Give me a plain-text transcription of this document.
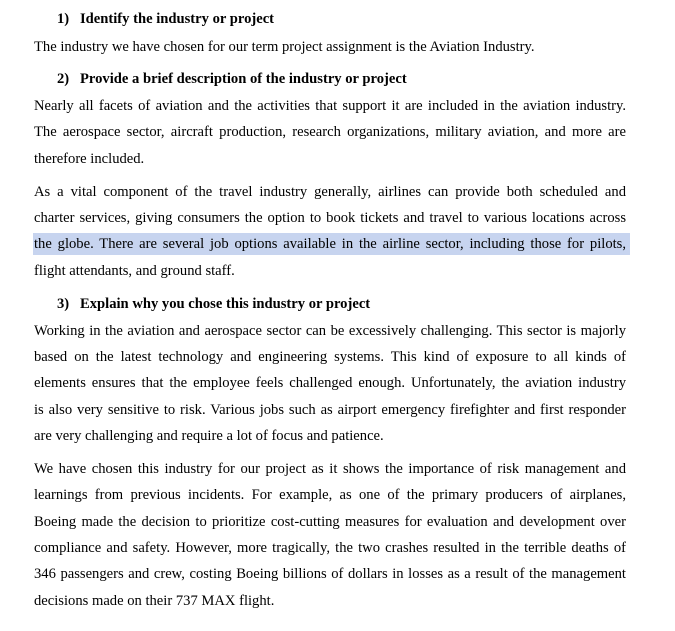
1) Identify the industry or project
The industry we have chosen for our term project assignment is the Aviation Industry.
2) Provide a brief description of the industry or project
Nearly all facets of aviation and the activities that support it are included in the aviation industry.
The aerospace sector, aircraft production, research organizations, military aviation, and more are
therefore included.
As a vital component of the travel industry generally, airlines can provide both scheduled and
charter services, giving consumers the option to book tickets and travel to various locations across
the globe. There are several job options available in the airline sector, including those for pilots,
flight attendants, and ground staff.
3) Explain why you chose this industry or project
Working in the aviation and aerospace sector can be excessively challenging. This sector is majorly
based on the latest technology and engineering systems. This kind of exposure to all kinds of
elements ensures that the employee feels challenged enough. Unfortunately, the aviation industry
is also very sensitive to risk. Various jobs such as airport emergency firefighter and first responder
are very challenging and require a lot of focus and patience.
We have chosen this industry for our project as it shows the importance of risk management and
learnings from previous incidents. For example, as one of the primary producers of airplanes,
Boeing made the decision to prioritize cost-cutting measures for evaluation and development over
compliance and safety. However, more tragically, the two crashes resulted in the terrible deaths of
346 passengers and crew, costing Boeing billions of dollars in losses as a result of the management
decisions made on their 737 MAX flight.
